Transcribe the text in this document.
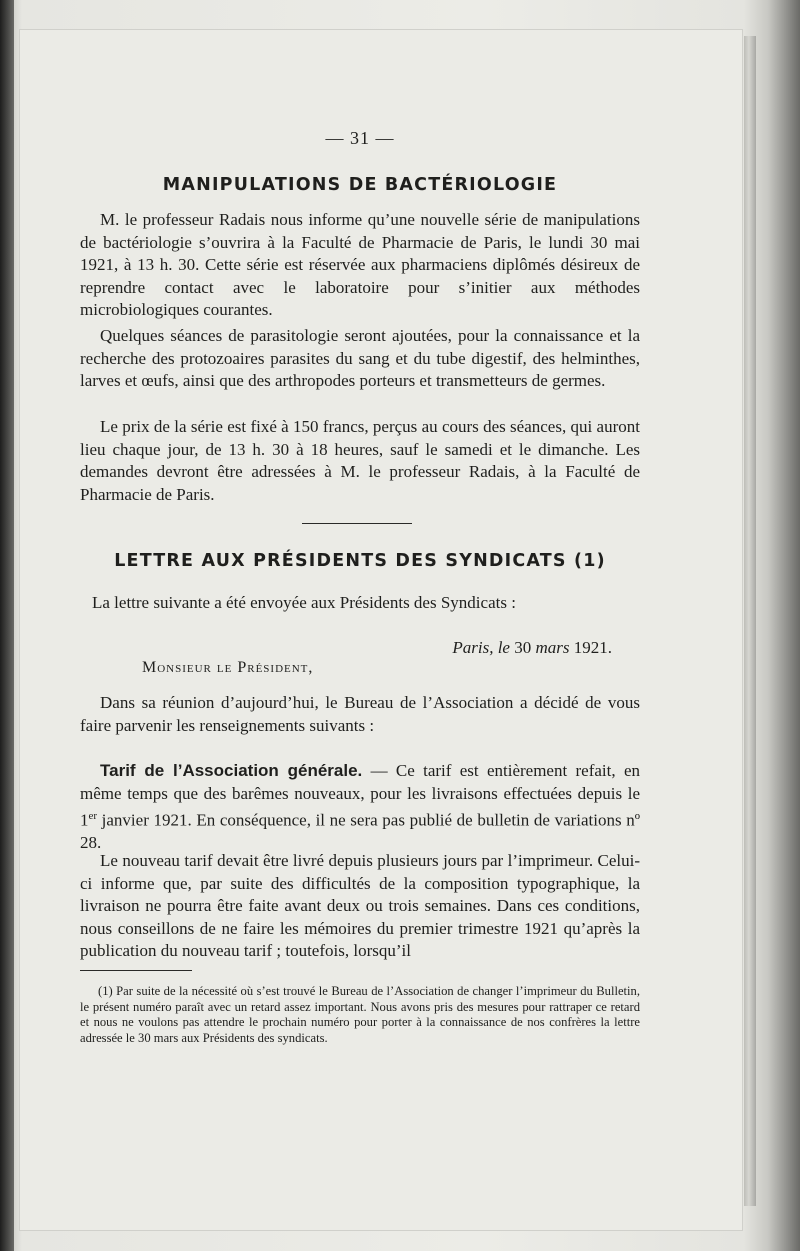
— 31 —
MANIPULATIONS DE BACTÉRIOLOGIE

M. le professeur Radais nous informe qu’une nouvelle série de manipulations de bactériologie s’ouvrira à la Faculté de Pharmacie de Paris, le lundi 30 mai 1921, à 13 h. 30. Cette série est réservée aux pharmaciens diplômés désireux de reprendre contact avec le laboratoire pour s’initier aux méthodes microbiologiques courantes.

Quelques séances de parasitologie seront ajoutées, pour la connaissance et la recherche des protozoaires parasites du sang et du tube digestif, des helminthes, larves et œufs, ainsi que des arthropodes porteurs et transmetteurs de germes.

Le prix de la série est fixé à 150 francs, perçus au cours des séances, qui auront lieu chaque jour, de 13 h. 30 à 18 heures, sauf le samedi et le dimanche. Les demandes devront être adressées à M. le professeur Radais, à la Faculté de Pharmacie de Paris.

LETTRE AUX PRÉSIDENTS DES SYNDICATS (1)

La lettre suivante a été envoyée aux Présidents des Syndicats :

Paris, le 30 mars 1921.
Monsieur le Président,

Dans sa réunion d’aujourd’hui, le Bureau de l’Association a décidé de vous faire parvenir les renseignements suivants :

Tarif de l’Association générale. — Ce tarif est entièrement refait, en même temps que des barêmes nouveaux, pour les livraisons effectuées depuis le 1er janvier 1921. En conséquence, il ne sera pas publié de bulletin de variations nº 28.

Le nouveau tarif devait être livré depuis plusieurs jours par l’imprimeur. Celui-ci informe que, par suite des difficultés de la composition typographique, la livraison ne pourra être faite avant deux ou trois semaines. Dans ces conditions, nous conseillons de ne faire les mémoires du premier trimestre 1921 qu’après la publication du nouveau tarif ; toutefois, lorsqu’il

(1) Par suite de la nécessité où s’est trouvé le Bureau de l’Association de changer l’imprimeur du Bulletin, le présent numéro paraît avec un retard assez important. Nous avons pris des mesures pour rattraper ce retard et nous ne voulons pas attendre le prochain numéro pour porter à la connaissance de nos confrères la lettre adressée le 30 mars aux Présidents des syndicats.
